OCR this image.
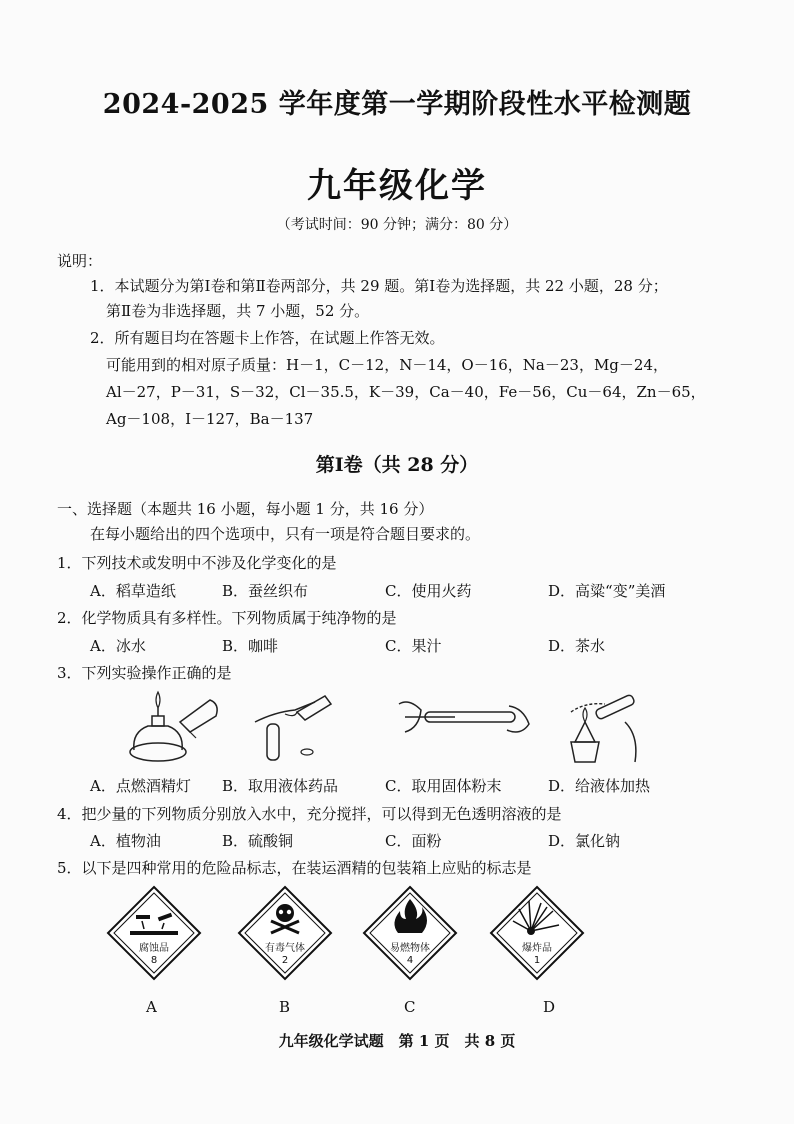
2024-2025 学年度第一学期阶段性水平检测题
九年级化学
（考试时间：90 分钟；满分：80 分）
说明：
1．本试题分为第Ⅰ卷和第Ⅱ卷两部分，共 29 题。第Ⅰ卷为选择题，共 22 小题，28 分；
第Ⅱ卷为非选择题，共 7 小题，52 分。
2．所有题目均在答题卡上作答，在试题上作答无效。
可能用到的相对原子质量：H－1，C－12，N－14，O－16，Na－23，Mg－24，
Al－27，P－31，S－32，Cl－35.5，K－39，Ca－40，Fe－56，Cu－64，Zn－65，
Ag－108，I－127，Ba－137
第Ⅰ卷（共 28 分）
一、选择题（本题共 16 小题，每小题 1 分，共 16 分）
在每小题给出的四个选项中，只有一项是符合题目要求的。
1．下列技术或发明中不涉及化学变化的是
A．稻草造纸	B．蚕丝织布	C．使用火药	D．高粱“变”美酒
2．化学物质具有多样性。下列物质属于纯净物的是
A．冰水	B．咖啡	C．果汁	D．茶水
3．下列实验操作正确的是
A．点燃酒精灯 B．取用液体药品	C．取用固体粉末	D．给液体加热
4．把少量的下列物质分别放入水中，充分搅拌，可以得到无色透明溶液的是
A．植物油	B．硫酸铜	C．面粉	D．氯化钠
5．以下是四种常用的危险品标志，在装运酒精的包装箱上应贴的标志是
腐蚀品
8
有毒气体
2
易燃物体
4
爆炸品
1
A	B	C	D
九年级化学试题　第 1 页　共 8 页
